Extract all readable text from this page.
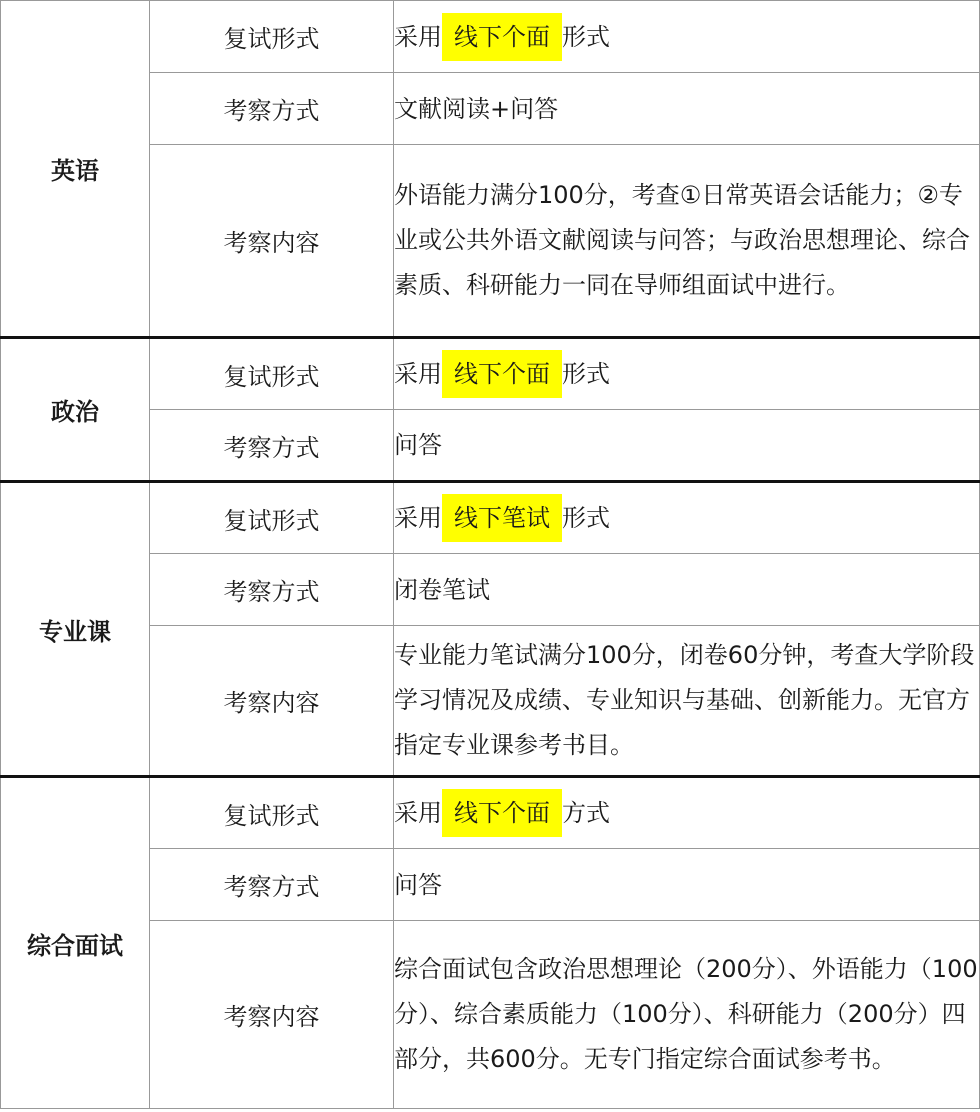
英语	复试形式	采用 线下个面 形式
	考察方式	文献阅读+问答
	考察内容	外语能力满分100分，考查①日常英语会话能力；②专业或公共外语文献阅读与问答；与政治思想理论、综合素质、科研能力一同在导师组面试中进行。
政治	复试形式	采用 线下个面 形式
	考察方式	问答
专业课	复试形式	采用 线下笔试 形式
	考察方式	闭卷笔试
	考察内容	专业能力笔试满分100分，闭卷60分钟，考查大学阶段学习情况及成绩、专业知识与基础、创新能力。无官方指定专业课参考书目。
综合面试	复试形式	采用 线下个面 方式
	考察方式	问答
	考察内容	综合面试包含政治思想理论（200分）、外语能力（100分）、综合素质能力（100分）、科研能力（200分）四部分，共600分。无专门指定综合面试参考书。
